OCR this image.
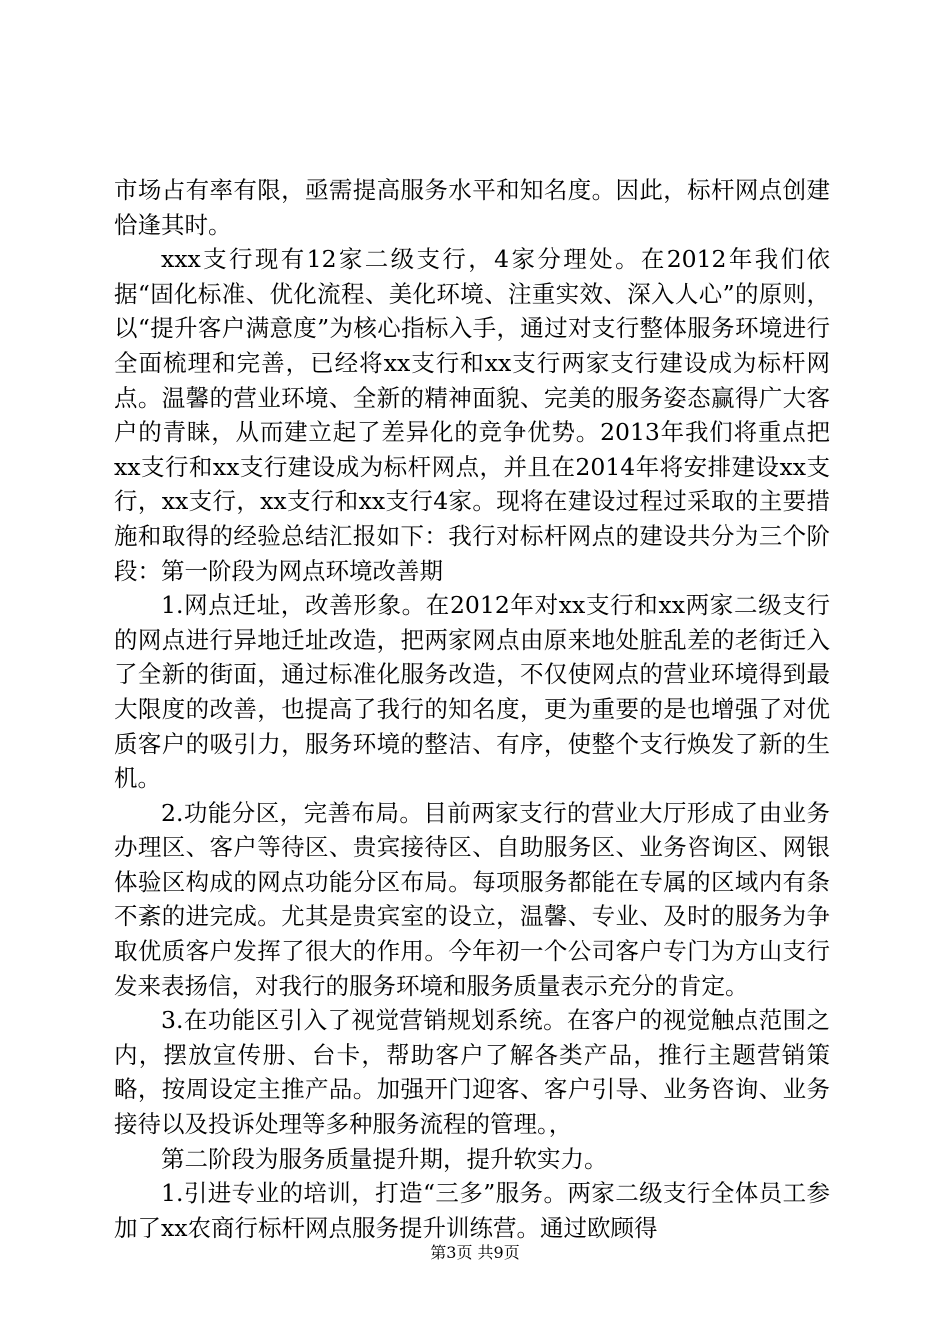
市场占有率有限，亟需提高服务水平和知名度。因此，标杆网点创建恰逢其时。

xxx支行现有12家二级支行，4家分理处。在2012年我们依据“固化标准、优化流程、美化环境、注重实效、深入人心”的原则，以“提升客户满意度”为核心指标入手，通过对支行整体服务环境进行全面梳理和完善，已经将xx支行和xx支行两家支行建设成为标杆网点。温馨的营业环境、全新的精神面貌、完美的服务姿态赢得广大客户的青睐，从而建立起了差异化的竞争优势。2013年我们将重点把xx支行和xx支行建设成为标杆网点，并且在2014年将安排建设xx支行，xx支行，xx支行和xx支行4家。现将在建设过程过采取的主要措施和取得的经验总结汇报如下：我行对标杆网点的建设共分为三个阶段：第一阶段为网点环境改善期

1.网点迁址，改善形象。在2012年对xx支行和xx两家二级支行的网点进行异地迁址改造，把两家网点由原来地处脏乱差的老街迁入了全新的街面，通过标准化服务改造，不仅使网点的营业环境得到最大限度的改善，也提高了我行的知名度，更为重要的是也增强了对优质客户的吸引力，服务环境的整洁、有序，使整个支行焕发了新的生机。

2.功能分区，完善布局。目前两家支行的营业大厅形成了由业务办理区、客户等待区、贵宾接待区、自助服务区、业务咨询区、网银体验区构成的网点功能分区布局。每项服务都能在专属的区域内有条不紊的进完成。尤其是贵宾室的设立，温馨、专业、及时的服务为争取优质客户发挥了很大的作用。今年初一个公司客户专门为方山支行发来表扬信，对我行的服务环境和服务质量表示充分的肯定。

3.在功能区引入了视觉营销规划系统。在客户的视觉触点范围之内，摆放宣传册、台卡，帮助客户了解各类产品，推行主题营销策略，按周设定主推产品。加强开门迎客、客户引导、业务咨询、业务接待以及投诉处理等多种服务流程的管理。，

第二阶段为服务质量提升期，提升软实力。

1.引进专业的培训，打造“三多”服务。两家二级支行全体员工参加了xx农商行标杆网点服务提升训练营。通过欧顾得

第3页 共9页
